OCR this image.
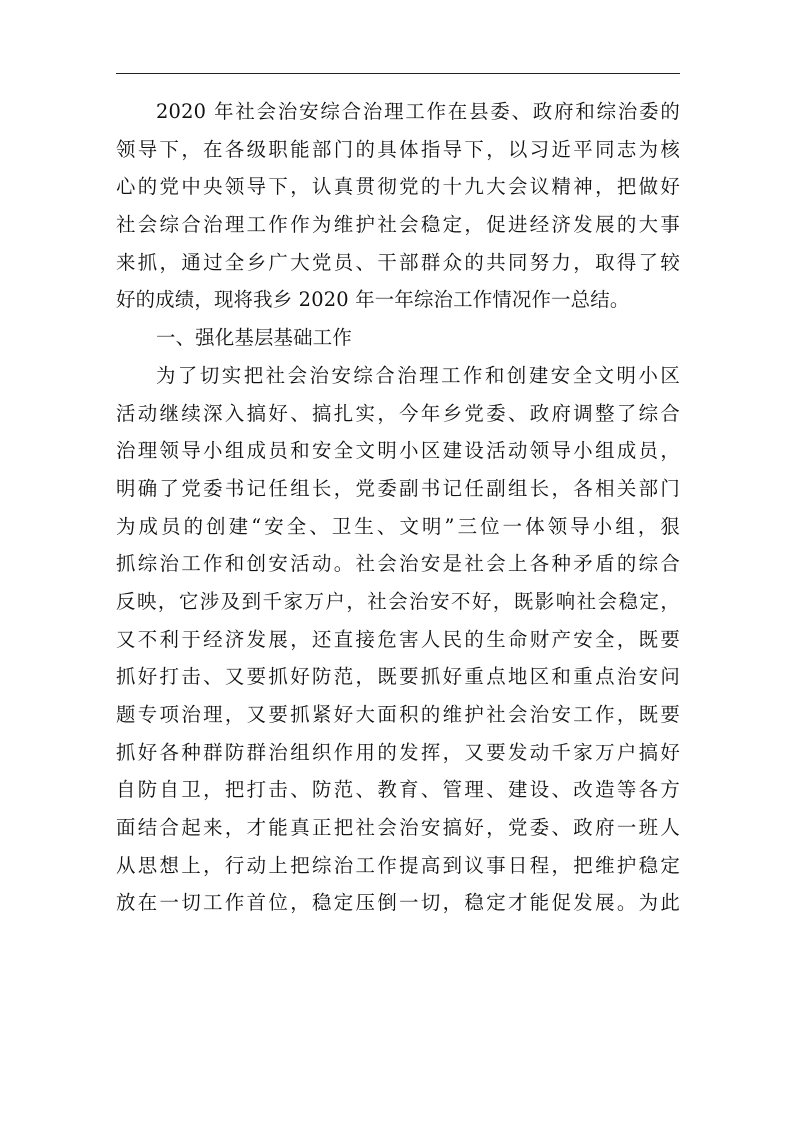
2020 年社会治安综合治理工作在县委、政府和综治委的
领导下，在各级职能部门的具体指导下，以习近平同志为核
心的党中央领导下，认真贯彻党的十九大会议精神，把做好
社会综合治理工作作为维护社会稳定，促进经济发展的大事
来抓，通过全乡广大党员、干部群众的共同努力，取得了较
好的成绩，现将我乡 2020 年一年综治工作情况作一总结。
一、强化基层基础工作
为了切实把社会治安综合治理工作和创建安全文明小区
活动继续深入搞好、搞扎实，今年乡党委、政府调整了综合
治理领导小组成员和安全文明小区建设活动领导小组成员，
明确了党委书记任组长，党委副书记任副组长，各相关部门
为成员的创建“安全、卫生、文明”三位一体领导小组，狠
抓综治工作和创安活动。社会治安是社会上各种矛盾的综合
反映，它涉及到千家万户，社会治安不好，既影响社会稳定，
又不利于经济发展，还直接危害人民的生命财产安全，既要
抓好打击、又要抓好防范，既要抓好重点地区和重点治安问
题专项治理，又要抓紧好大面积的维护社会治安工作，既要
抓好各种群防群治组织作用的发挥，又要发动千家万户搞好
自防自卫，把打击、防范、教育、管理、建设、改造等各方
面结合起来，才能真正把社会治安搞好，党委、政府一班人
从思想上，行动上把综治工作提高到议事日程，把维护稳定
放在一切工作首位，稳定压倒一切，稳定才能促发展。为此
